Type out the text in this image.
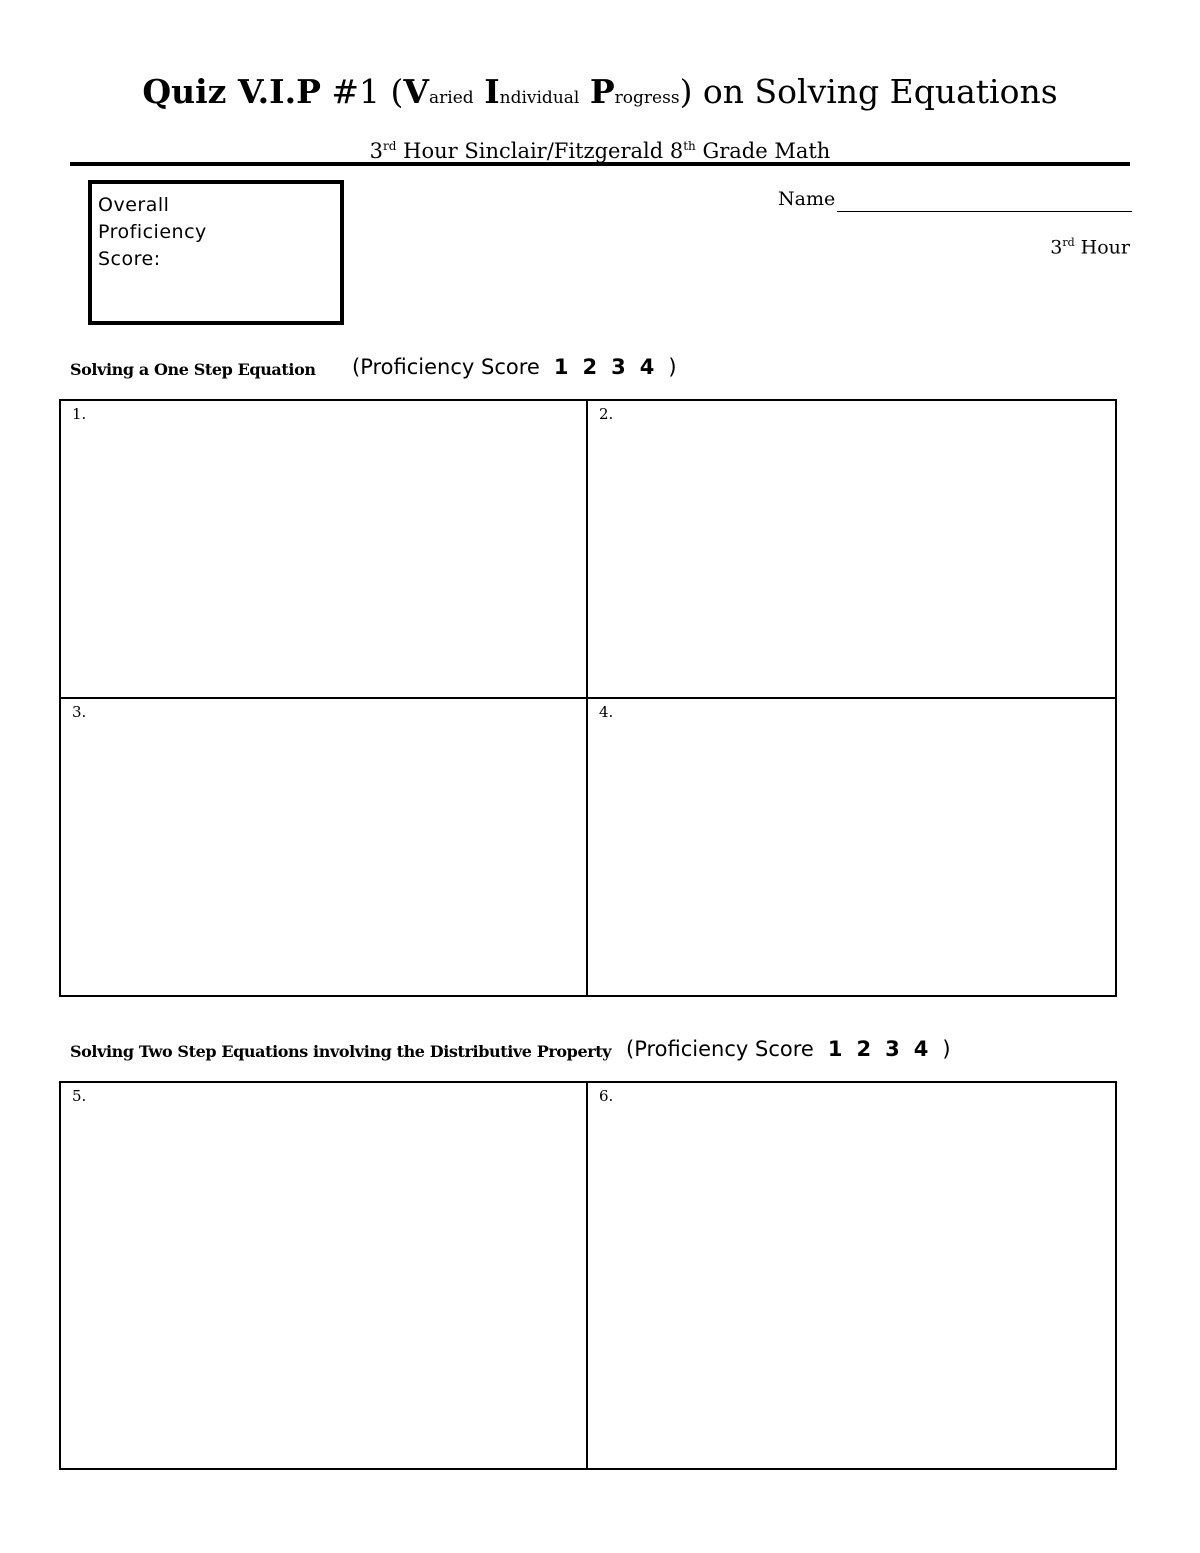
Quiz V.I.P #1 (Varied Individual Progress) on Solving Equations
3rd Hour Sinclair/Fitzgerald 8th Grade Math
Overall
Proficiency
Score:
Name
3rd Hour
Solving a One Step Equation (Proficiency Score 1 2 3 4 )
1.	2.
3.	4.
Solving Two Step Equations involving the Distributive Property (Proficiency Score 1 2 3 4 )
5.	6.
